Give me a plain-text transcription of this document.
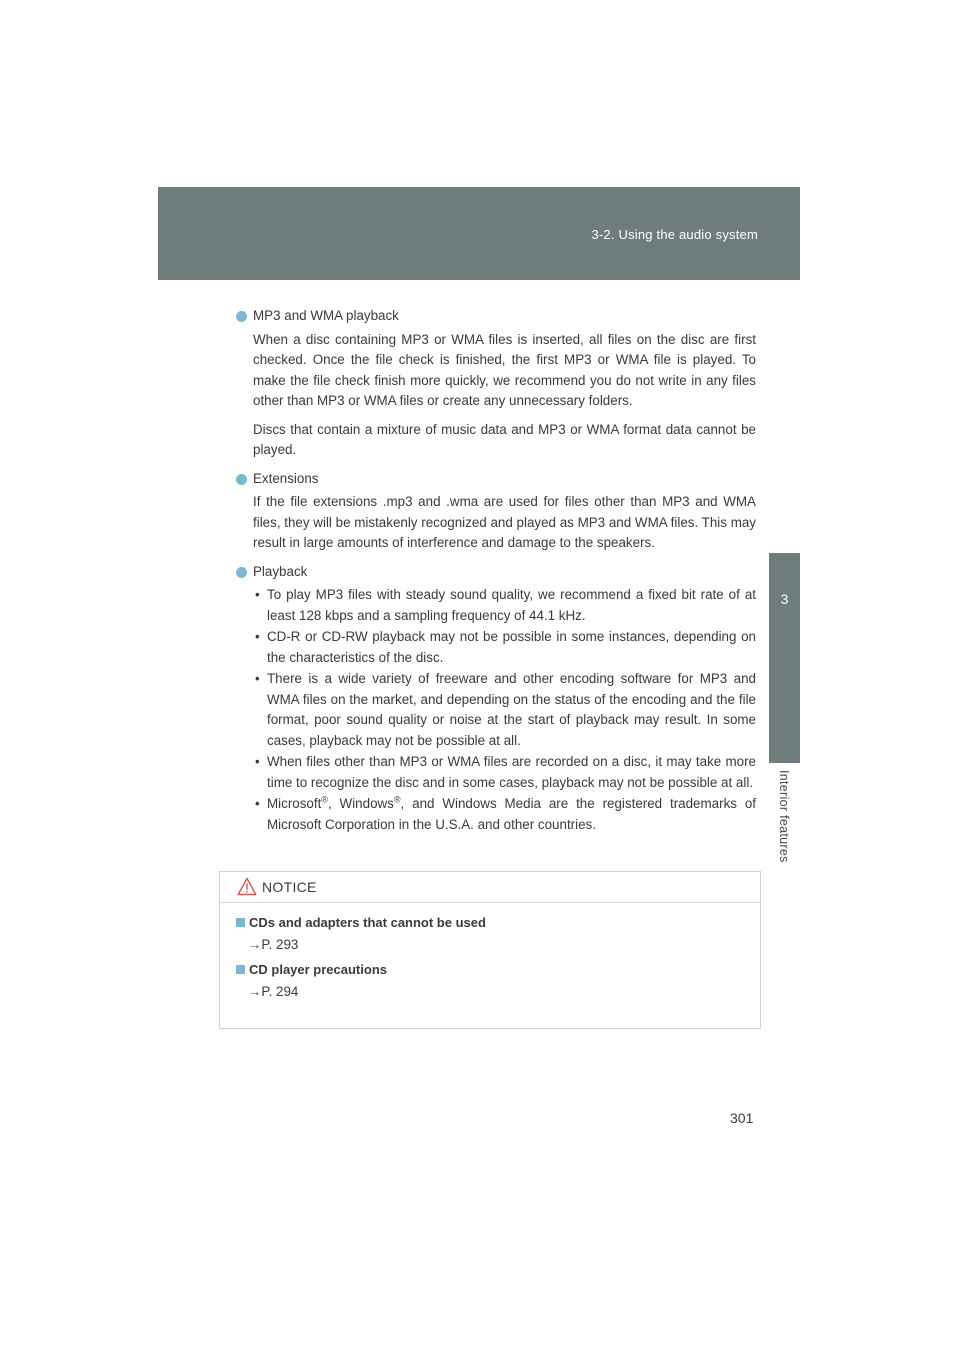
3-2. Using the audio system
3
Interior features
MP3 and WMA playback

When a disc containing MP3 or WMA files is inserted, all files on the disc are first checked. Once the file check is finished, the first MP3 or WMA file is played. To make the file check finish more quickly, we recommend you do not write in any files other than MP3 or WMA files or create any unnecessary folders.

Discs that contain a mixture of music data and MP3 or WMA format data cannot be played.

Extensions

If the file extensions .mp3 and .wma are used for files other than MP3 and WMA files, they will be mistakenly recognized and played as MP3 and WMA files. This may result in large amounts of interference and damage to the speakers.

Playback
• To play MP3 files with steady sound quality, we recommend a fixed bit rate of at least 128 kbps and a sampling frequency of 44.1 kHz.
• CD-R or CD-RW playback may not be possible in some instances, depending on the characteristics of the disc.
• There is a wide variety of freeware and other encoding software for MP3 and WMA files on the market, and depending on the status of the encoding and the file format, poor sound quality or noise at the start of playback may result. In some cases, playback may not be possible at all.
• When files other than MP3 or WMA files are recorded on a disc, it may take more time to recognize the disc and in some cases, playback may not be possible at all.
• Microsoft®, Windows®, and Windows Media are the registered trademarks of Microsoft Corporation in the U.S.A. and other countries.
NOTICE
CDs and adapters that cannot be used
→P. 293
CD player precautions
→P. 294
301
